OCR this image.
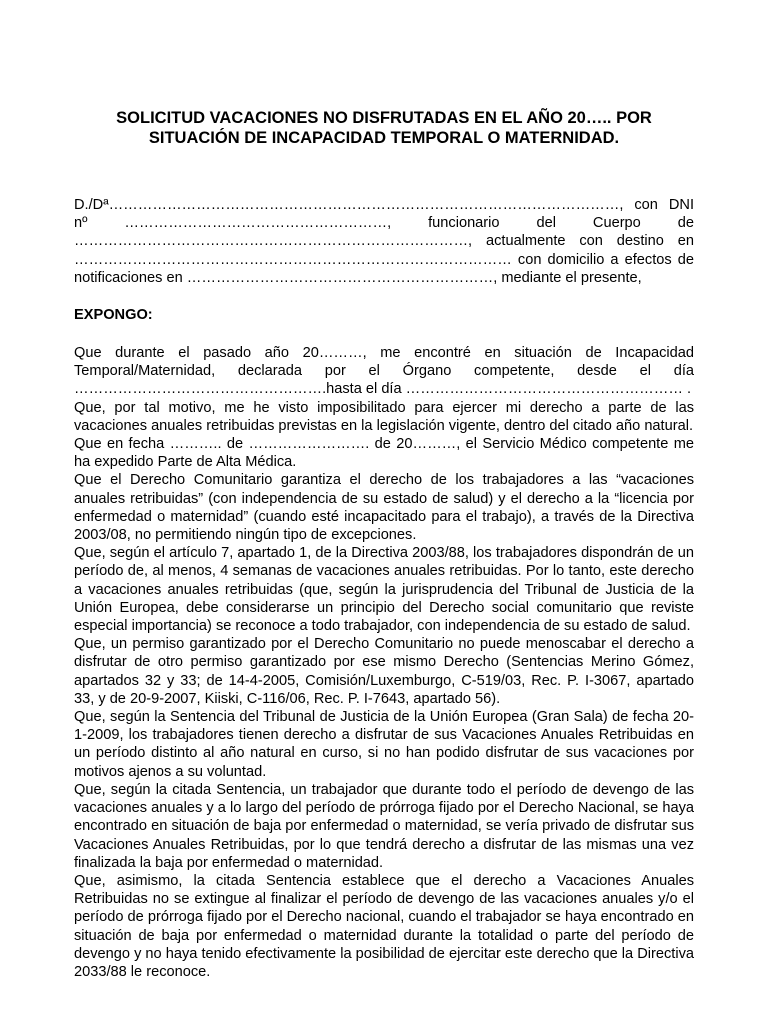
SOLICITUD VACACIONES NO DISFRUTADAS EN EL AÑO 20….. POR
SITUACIÓN DE INCAPACIDAD TEMPORAL O MATERNIDAD.

D./Dª……………………………………………………………………………………………, con DNI nº ………………………………………………, funcionario del Cuerpo de ………………………………………………………………………, actualmente con destino en ……………………………………………………………………………… con domicilio a efectos de notificaciones en ………………………………………………………, mediante el presente,

EXPONGO:

Que durante el pasado año 20………, me encontré en situación de Incapacidad Temporal/Maternidad, declarada por el Órgano competente, desde el día …………………………………………….hasta el día ………………………………………………… .

Que, por tal motivo, me he visto imposibilitado para ejercer mi derecho a parte de las vacaciones anuales retribuidas previstas en la legislación vigente, dentro del citado año natural.

Que en fecha ……….. de ……………………. de 20………, el Servicio Médico competente me ha expedido Parte de Alta Médica.

Que el Derecho Comunitario garantiza el derecho de los trabajadores a las “vacaciones anuales retribuidas” (con independencia de su estado de salud) y el derecho a la “licencia por enfermedad o maternidad” (cuando esté incapacitado para el trabajo), a través de la Directiva 2003/08, no permitiendo ningún tipo de excepciones.

Que, según el artículo 7, apartado 1, de la Directiva 2003/88, los trabajadores dispondrán de un período de, al menos, 4 semanas de vacaciones anuales retribuidas. Por lo tanto, este derecho a vacaciones anuales retribuidas (que, según la jurisprudencia del Tribunal de Justicia de la Unión Europea, debe considerarse un principio del Derecho social comunitario que reviste especial importancia) se reconoce a todo trabajador, con independencia de su estado de salud.

Que, un permiso garantizado por el Derecho Comunitario no puede menoscabar el derecho a disfrutar de otro permiso garantizado por ese mismo Derecho (Sentencias Merino Gómez, apartados 32 y 33; de 14-4-2005, Comisión/Luxemburgo, C-519/03, Rec. P. I-3067, apartado 33, y de 20-9-2007, Kiiski, C-116/06, Rec. P. I-7643, apartado 56).

Que, según la Sentencia del Tribunal de Justicia de la Unión Europea (Gran Sala) de fecha 20-1-2009, los trabajadores tienen derecho a disfrutar de sus Vacaciones Anuales Retribuidas en un período distinto al año natural en curso, si no han podido disfrutar de sus vacaciones por motivos ajenos a su voluntad.

Que, según la citada Sentencia, un trabajador que durante todo el período de devengo de las vacaciones anuales y a lo largo del período de prórroga fijado por el Derecho Nacional, se haya encontrado en situación de baja por enfermedad o maternidad, se vería privado de disfrutar sus Vacaciones Anuales Retribuidas, por lo que tendrá derecho a disfrutar de las mismas una vez finalizada la baja por enfermedad o maternidad.

Que, asimismo, la citada Sentencia establece que el derecho a Vacaciones Anuales Retribuidas no se extingue al finalizar el período de devengo de las vacaciones anuales y/o el período de prórroga fijado por el Derecho nacional, cuando el trabajador se haya encontrado en situación de baja por enfermedad o maternidad durante la totalidad o parte del período de devengo y no haya tenido efectivamente la posibilidad de ejercitar este derecho que la Directiva 2033/88 le reconoce.
